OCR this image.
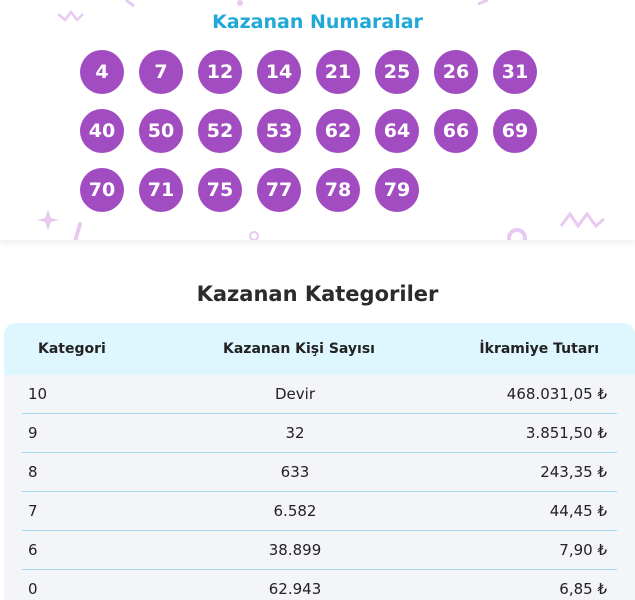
Kazanan Numaralar
4	7	12	14	21	25	26	31
40	50	52	53	62	64	66	69
70	71	75	77	78	79
Kazanan Kategoriler
Kategori	Kazanan Kişi Sayısı	İkramiye Tutarı
10	Devir	468.031,05 ₺
9	32	3.851,50 ₺
8	633	243,35 ₺
7	6.582	44,45 ₺
6	38.899	7,90 ₺
0	62.943	6,85 ₺
